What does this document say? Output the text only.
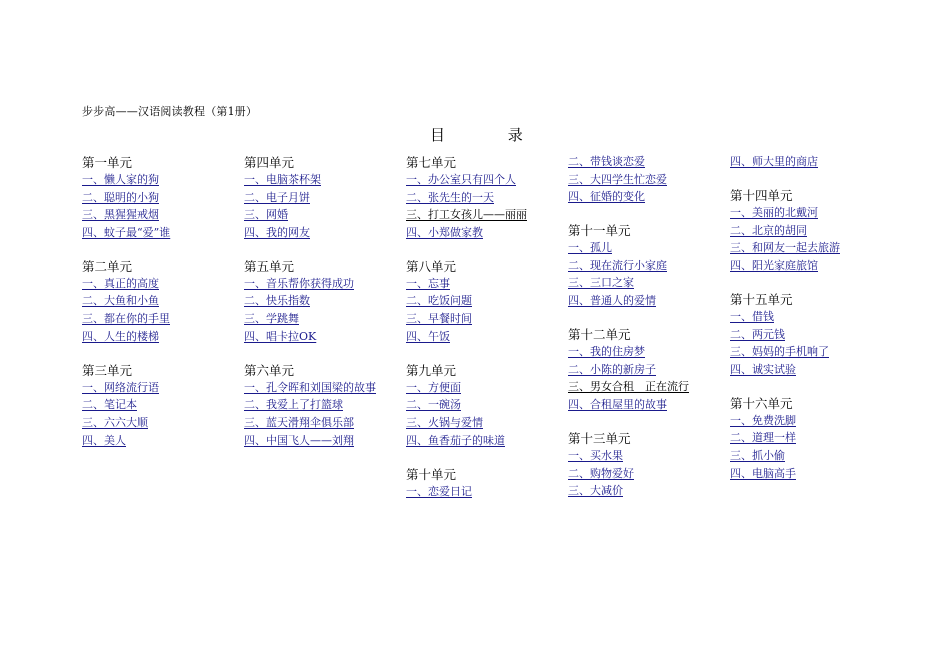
步步高——汉语阅读教程（第1册）
目 录
第一单元
一、懒人家的狗
二、聪明的小狗
三、黑猩猩戒烟
四、蚊子最“爱”谁
第二单元
一、真正的高度
二、大鱼和小鱼
三、都在你的手里
四、人生的楼梯
第三单元
一、网络流行语
二、笔记本
三、六六大顺
四、美人
第四单元
一、电脑茶杯架
二、电子月饼
三、网婚
四、我的网友
第五单元
一、音乐帮你获得成功
二、快乐指数
三、学跳舞
四、唱卡拉OK
第六单元
一、孔令晖和刘国梁的故事
二、我爱上了打篮球
三、蓝天滑翔伞俱乐部
四、中国飞人——刘翔
第七单元
一、办公室只有四个人
二、张先生的一天
三、打工女孩儿——丽丽
四、小郑做家教
第八单元
一、忘事
二、吃饭问题
三、早餐时间
四、午饭
第九单元
一、方便面
二、一碗汤
三、火锅与爱情
四、鱼香茄子的味道
第十单元
一、恋爱日记
二、带钱谈恋爱
三、大四学生忙恋爱
四、征婚的变化
第十一单元
一、孤儿
二、现在流行小家庭
三、三口之家
四、普通人的爱情
第十二单元
一、我的住房梦
二、小陈的新房子
三、男女合租　正在流行
四、合租屋里的故事
第十三单元
一、买水果
二、购物爱好
三、大减价
四、师大里的商店
第十四单元
一、美丽的北戴河
二、北京的胡同
三、和网友一起去旅游
四、阳光家庭旅馆
第十五单元
一、借钱
二、两元钱
三、妈妈的手机响了
四、诚实试验
第十六单元
一、免费洗脚
二、道理一样
三、抓小偷
四、电脑高手
